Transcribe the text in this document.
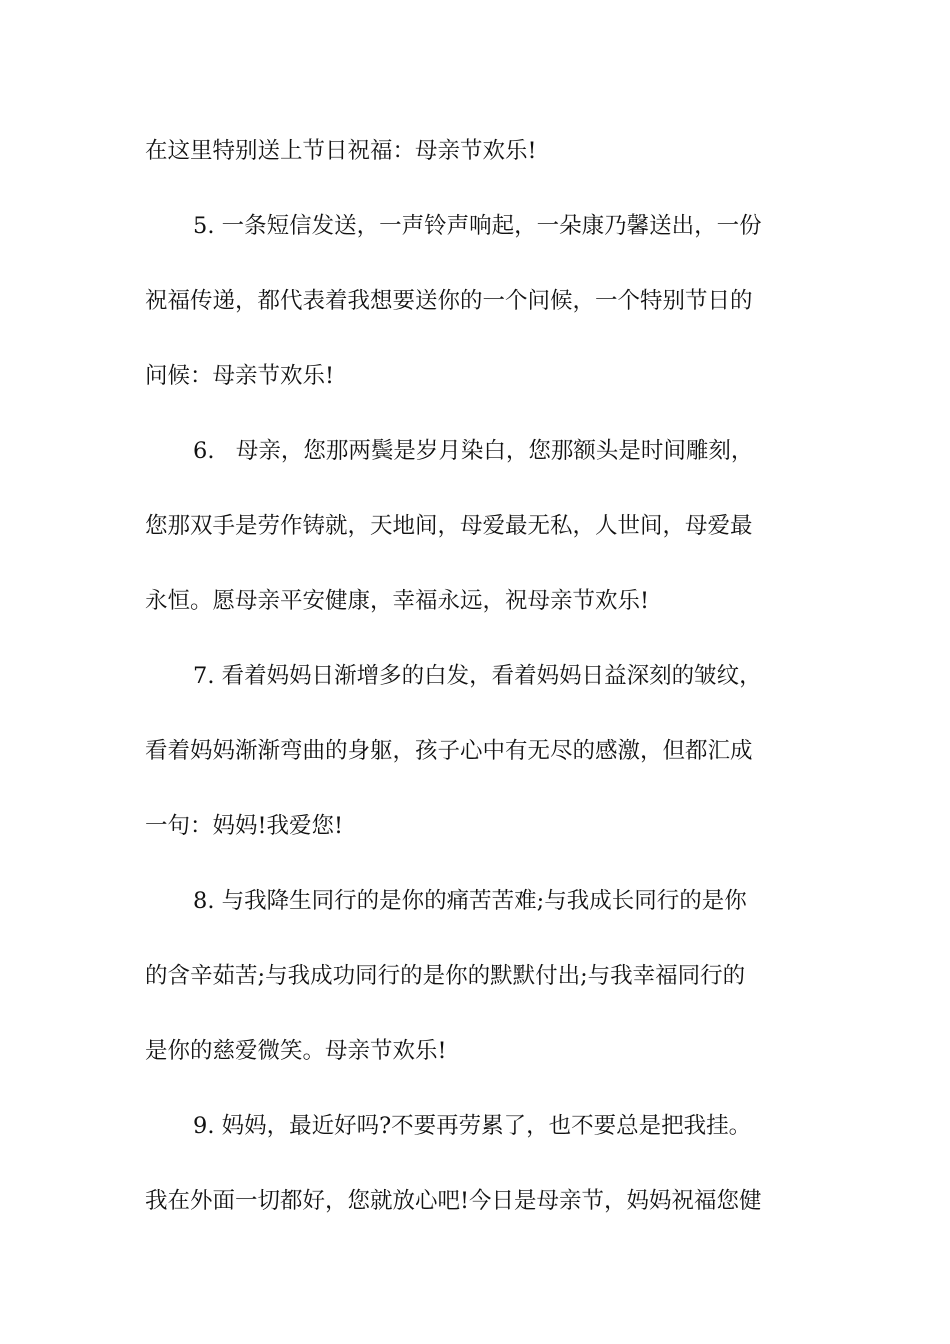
在这里特别送上节日祝福：母亲节欢乐!
5. 一条短信发送，一声铃声响起，一朵康乃馨送出，一份
祝福传递，都代表着我想要送你的一个问候，一个特别节日的
问候：母亲节欢乐!
6.   母亲，您那两鬓是岁月染白，您那额头是时间雕刻，
您那双手是劳作铸就，天地间，母爱最无私，人世间，母爱最
永恒。愿母亲平安健康，幸福永远，祝母亲节欢乐!
7. 看着妈妈日渐增多的白发，看着妈妈日益深刻的皱纹，
看着妈妈渐渐弯曲的身躯，孩子心中有无尽的感激，但都汇成
一句：妈妈!我爱您!
8. 与我降生同行的是你的痛苦苦难;与我成长同行的是你
的含辛茹苦;与我成功同行的是你的默默付出;与我幸福同行的
是你的慈爱微笑。母亲节欢乐!
9. 妈妈，最近好吗?不要再劳累了，也不要总是把我挂。
我在外面一切都好，您就放心吧!今日是母亲节，妈妈祝福您健
